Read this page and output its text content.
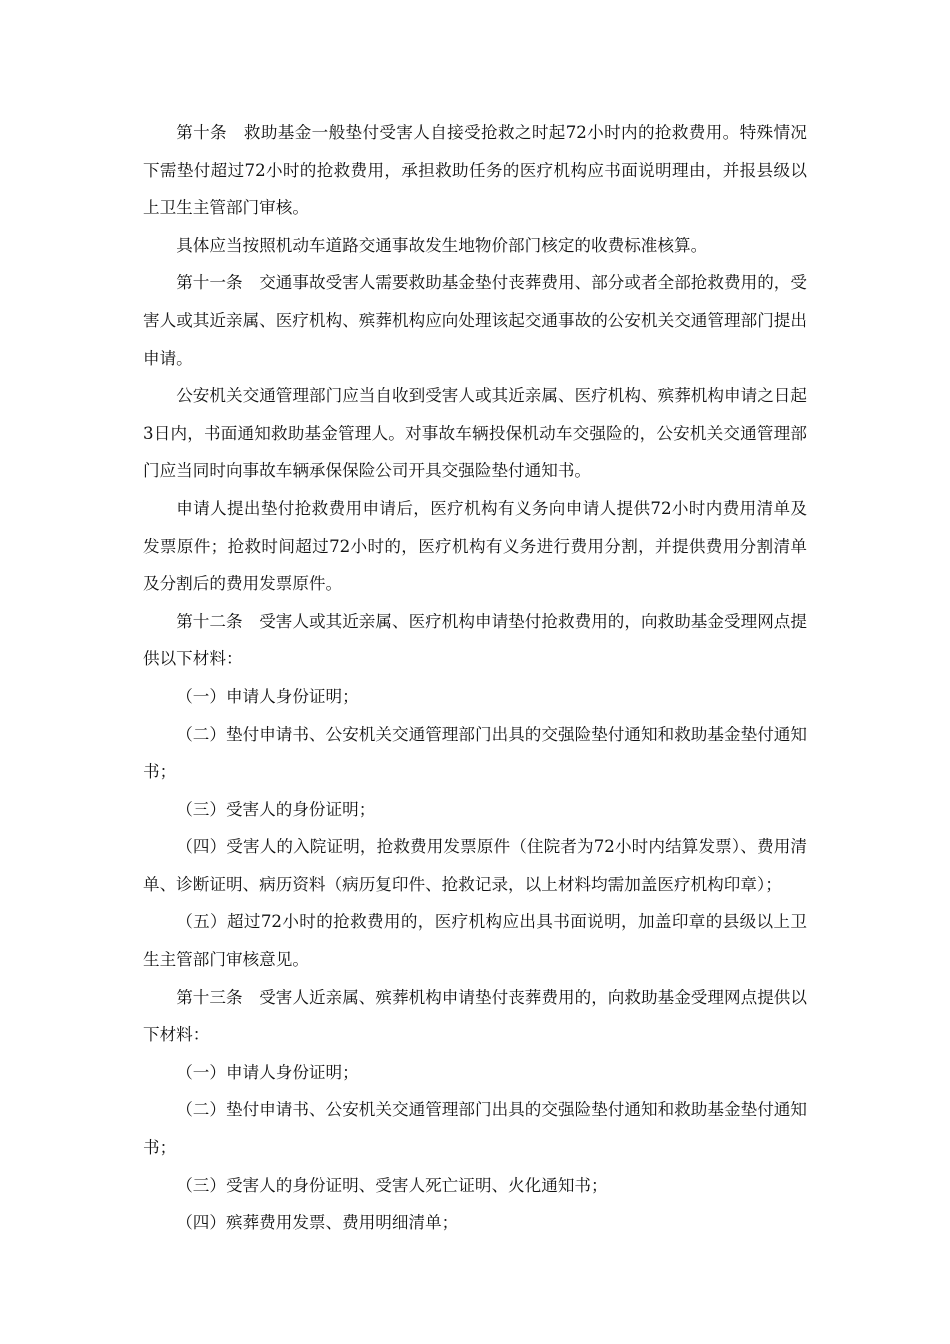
第十条　救助基金一般垫付受害人自接受抢救之时起72小时内的抢救费用。特殊情况下需垫付超过72小时的抢救费用，承担救助任务的医疗机构应书面说明理由，并报县级以上卫生主管部门审核。

具体应当按照机动车道路交通事故发生地物价部门核定的收费标准核算。

第十一条　交通事故受害人需要救助基金垫付丧葬费用、部分或者全部抢救费用的，受害人或其近亲属、医疗机构、殡葬机构应向处理该起交通事故的公安机关交通管理部门提出申请。

公安机关交通管理部门应当自收到受害人或其近亲属、医疗机构、殡葬机构申请之日起3日内，书面通知救助基金管理人。对事故车辆投保机动车交强险的，公安机关交通管理部门应当同时向事故车辆承保保险公司开具交强险垫付通知书。

申请人提出垫付抢救费用申请后，医疗机构有义务向申请人提供72小时内费用清单及发票原件；抢救时间超过72小时的，医疗机构有义务进行费用分割，并提供费用分割清单及分割后的费用发票原件。

第十二条　受害人或其近亲属、医疗机构申请垫付抢救费用的，向救助基金受理网点提供以下材料：

（一）申请人身份证明；

（二）垫付申请书、公安机关交通管理部门出具的交强险垫付通知和救助基金垫付通知书；

（三）受害人的身份证明；

（四）受害人的入院证明，抢救费用发票原件（住院者为72小时内结算发票）、费用清单、诊断证明、病历资料（病历复印件、抢救记录，以上材料均需加盖医疗机构印章）；

（五）超过72小时的抢救费用的，医疗机构应出具书面说明，加盖印章的县级以上卫生主管部门审核意见。

第十三条　受害人近亲属、殡葬机构申请垫付丧葬费用的，向救助基金受理网点提供以下材料：

（一）申请人身份证明；

（二）垫付申请书、公安机关交通管理部门出具的交强险垫付通知和救助基金垫付通知书；

（三）受害人的身份证明、受害人死亡证明、火化通知书；

（四）殡葬费用发票、费用明细清单；
